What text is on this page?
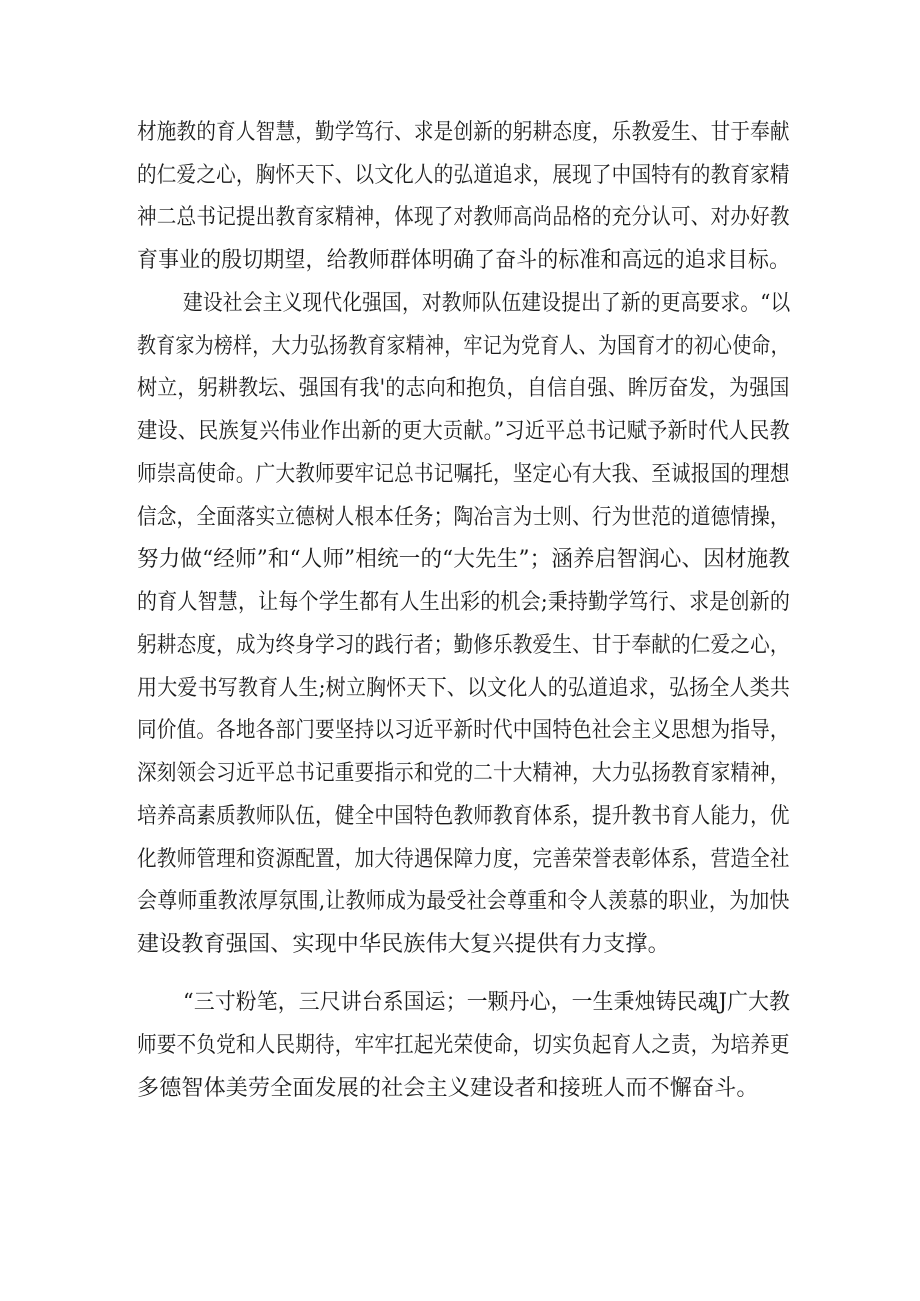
材施教的育人智慧，勤学笃行、求是创新的躬耕态度，乐教爱生、甘于奉献
的仁爱之心，胸怀天下、以文化人的弘道追求，展现了中国特有的教育家精
神二总书记提出教育家精神，体现了对教师高尚品格的充分认可、对办好教
育事业的殷切期望，给教师群体明确了奋斗的标准和高远的追求目标。
建设社会主义现代化强国，对教师队伍建设提出了新的更高要求。“以
教育家为榜样，大力弘扬教育家精神，牢记为党育人、为国育才的初心使命，
树立，躬耕教坛、强国有我'的志向和抱负，自信自强、眸厉奋发，为强国
建设、民族复兴伟业作出新的更大贡献。”习近平总书记赋予新时代人民教
师崇高使命。广大教师要牢记总书记嘱托，坚定心有大我、至诚报国的理想
信念，全面落实立德树人根本任务；陶冶言为士则、行为世范的道德情操，
努力做“经师”和“人师”相统一的“大先生”；涵养启智润心、因材施教
的育人智慧，让每个学生都有人生出彩的机会;秉持勤学笃行、求是创新的
躬耕态度，成为终身学习的践行者；勤修乐教爱生、甘于奉献的仁爱之心，
用大爱书写教育人生;树立胸怀天下、以文化人的弘道追求，弘扬全人类共
同价值。各地各部门要坚持以习近平新时代中国特色社会主义思想为指导，
深刻领会习近平总书记重要指示和党的二十大精神，大力弘扬教育家精神，
培养高素质教师队伍，健全中国特色教师教育体系，提升教书育人能力，优
化教师管理和资源配置，加大待遇保障力度，完善荣誉表彰体系，营造全社
会尊师重教浓厚氛围,让教师成为最受社会尊重和令人羡慕的职业，为加快
建设教育强国、实现中华民族伟大复兴提供有力支撑。
“三寸粉笔，三尺讲台系国运；一颗丹心，一生秉烛铸民魂J广大教
师要不负党和人民期待，牢牢扛起光荣使命，切实负起育人之责，为培养更
多德智体美劳全面发展的社会主义建设者和接班人而不懈奋斗。
